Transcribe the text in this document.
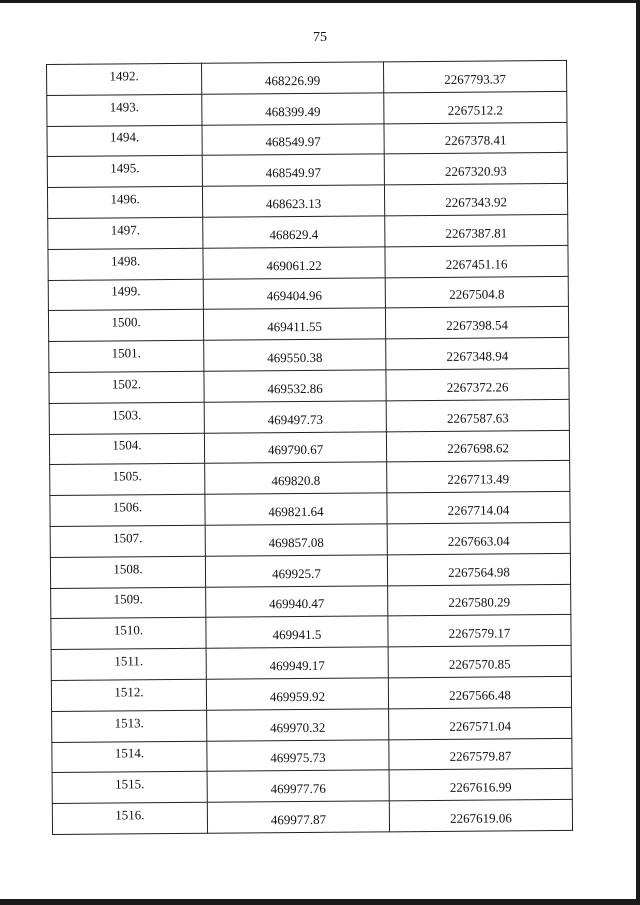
75
1492.	468226.99	2267793.37
1493.	468399.49	2267512.2
1494.	468549.97	2267378.41
1495.	468549.97	2267320.93
1496.	468623.13	2267343.92
1497.	468629.4	2267387.81
1498.	469061.22	2267451.16
1499.	469404.96	2267504.8
1500.	469411.55	2267398.54
1501.	469550.38	2267348.94
1502.	469532.86	2267372.26
1503.	469497.73	2267587.63
1504.	469790.67	2267698.62
1505.	469820.8	2267713.49
1506.	469821.64	2267714.04
1507.	469857.08	2267663.04
1508.	469925.7	2267564.98
1509.	469940.47	2267580.29
1510.	469941.5	2267579.17
1511.	469949.17	2267570.85
1512.	469959.92	2267566.48
1513.	469970.32	2267571.04
1514.	469975.73	2267579.87
1515.	469977.76	2267616.99
1516.	469977.87	2267619.06
